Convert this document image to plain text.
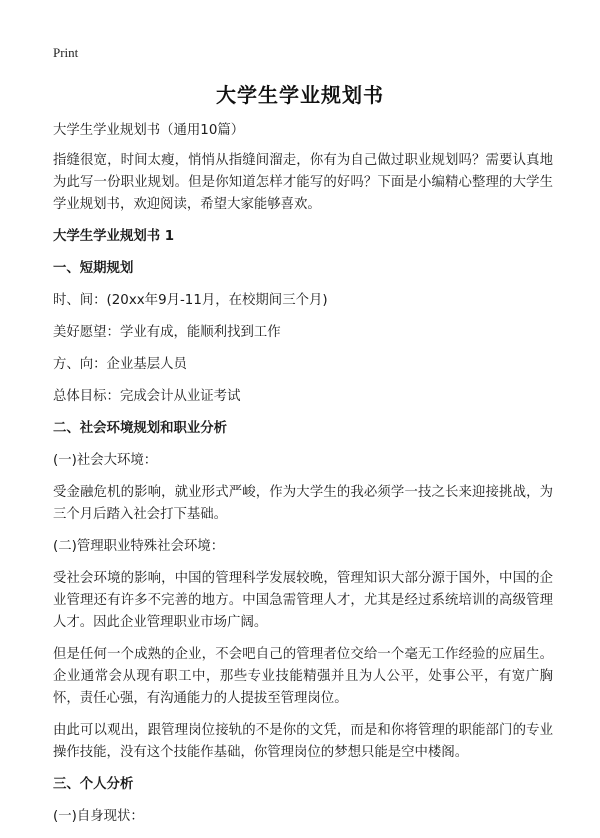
Print
大学生学业规划书

大学生学业规划书（通用10篇）

指缝很宽，时间太瘦，悄悄从指缝间溜走，你有为自己做过职业规划吗？需要认真地为此写一份职业规划。但是你知道怎样才能写的好吗？下面是小编精心整理的大学生学业规划书，欢迎阅读，希望大家能够喜欢。

大学生学业规划书 1

一、短期规划

时、间：(20xx年9月-11月，在校期间三个月)

美好愿望：学业有成，能顺利找到工作

方、向：企业基层人员

总体目标：完成会计从业证考试

二、社会环境规划和职业分析

(一)社会大环境：

受金融危机的影响，就业形式严峻，作为大学生的我必须学一技之长来迎接挑战，为三个月后踏入社会打下基础。

(二)管理职业特殊社会环境：

受社会环境的影响，中国的管理科学发展较晚，管理知识大部分源于国外，中国的企业管理还有许多不完善的地方。中国急需管理人才，尤其是经过系统培训的高级管理人才。因此企业管理职业市场广阔。

但是任何一个成熟的企业，不会吧自己的管理者位交给一个毫无工作经验的应届生。企业通常会从现有职工中，那些专业技能精强并且为人公平，处事公平，有宽广胸怀，责任心强，有沟通能力的人提拔至管理岗位。

由此可以观出，跟管理岗位接轨的不是你的文凭，而是和你将管理的职能部门的专业操作技能，没有这个技能作基础，你管理岗位的梦想只能是空中楼阁。

三、个人分析

(一)自身现状：
